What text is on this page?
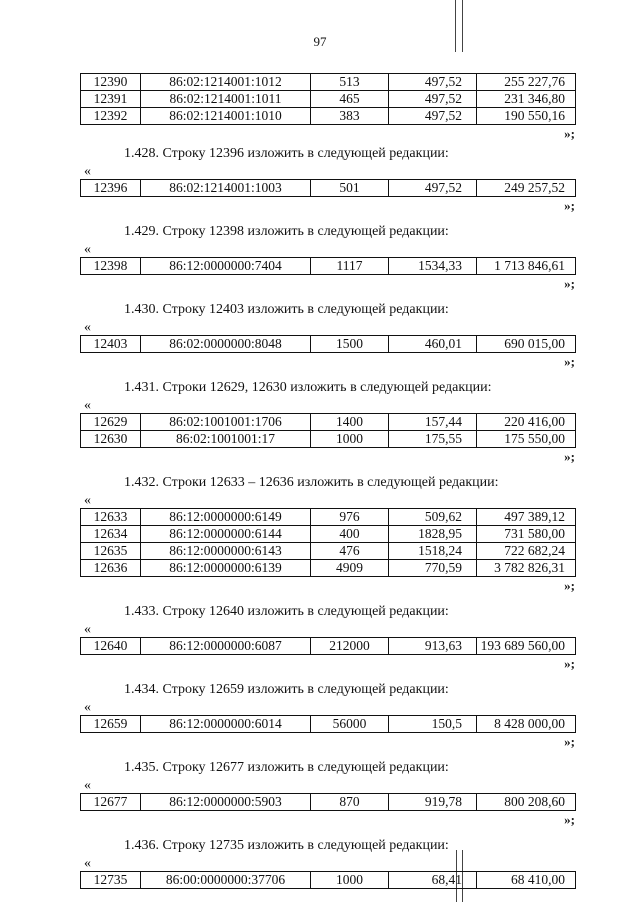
97
12390	86:02:1214001:1012	513	497,52	255 227,76
12391	86:02:1214001:1011	465	497,52	231 346,80
12392	86:02:1214001:1010	383	497,52	190 550,16
»;
1.428. Строку 12396 изложить в следующей редакции:
«
12396	86:02:1214001:1003	501	497,52	249 257,52
»;
1.429. Строку 12398 изложить в следующей редакции:
«
12398	86:12:0000000:7404	1117	1534,33	1 713 846,61
»;
1.430. Строку 12403 изложить в следующей редакции:
«
12403	86:02:0000000:8048	1500	460,01	690 015,00
»;
1.431. Строки 12629, 12630 изложить в следующей редакции:
«
12629	86:02:1001001:1706	1400	157,44	220 416,00
12630	86:02:1001001:17	1000	175,55	175 550,00
»;
1.432. Строки 12633 – 12636 изложить в следующей редакции:
«
12633	86:12:0000000:6149	976	509,62	497 389,12
12634	86:12:0000000:6144	400	1828,95	731 580,00
12635	86:12:0000000:6143	476	1518,24	722 682,24
12636	86:12:0000000:6139	4909	770,59	3 782 826,31
»;
1.433. Строку 12640 изложить в следующей редакции:
«
12640	86:12:0000000:6087	212000	913,63	193 689 560,00
»;
1.434. Строку 12659 изложить в следующей редакции:
«
12659	86:12:0000000:6014	56000	150,5	8 428 000,00
»;
1.435. Строку 12677 изложить в следующей редакции:
«
12677	86:12:0000000:5903	870	919,78	800 208,60
»;
1.436. Строку 12735 изложить в следующей редакции:
«
12735	86:00:0000000:37706	1000	68,41	68 410,00
